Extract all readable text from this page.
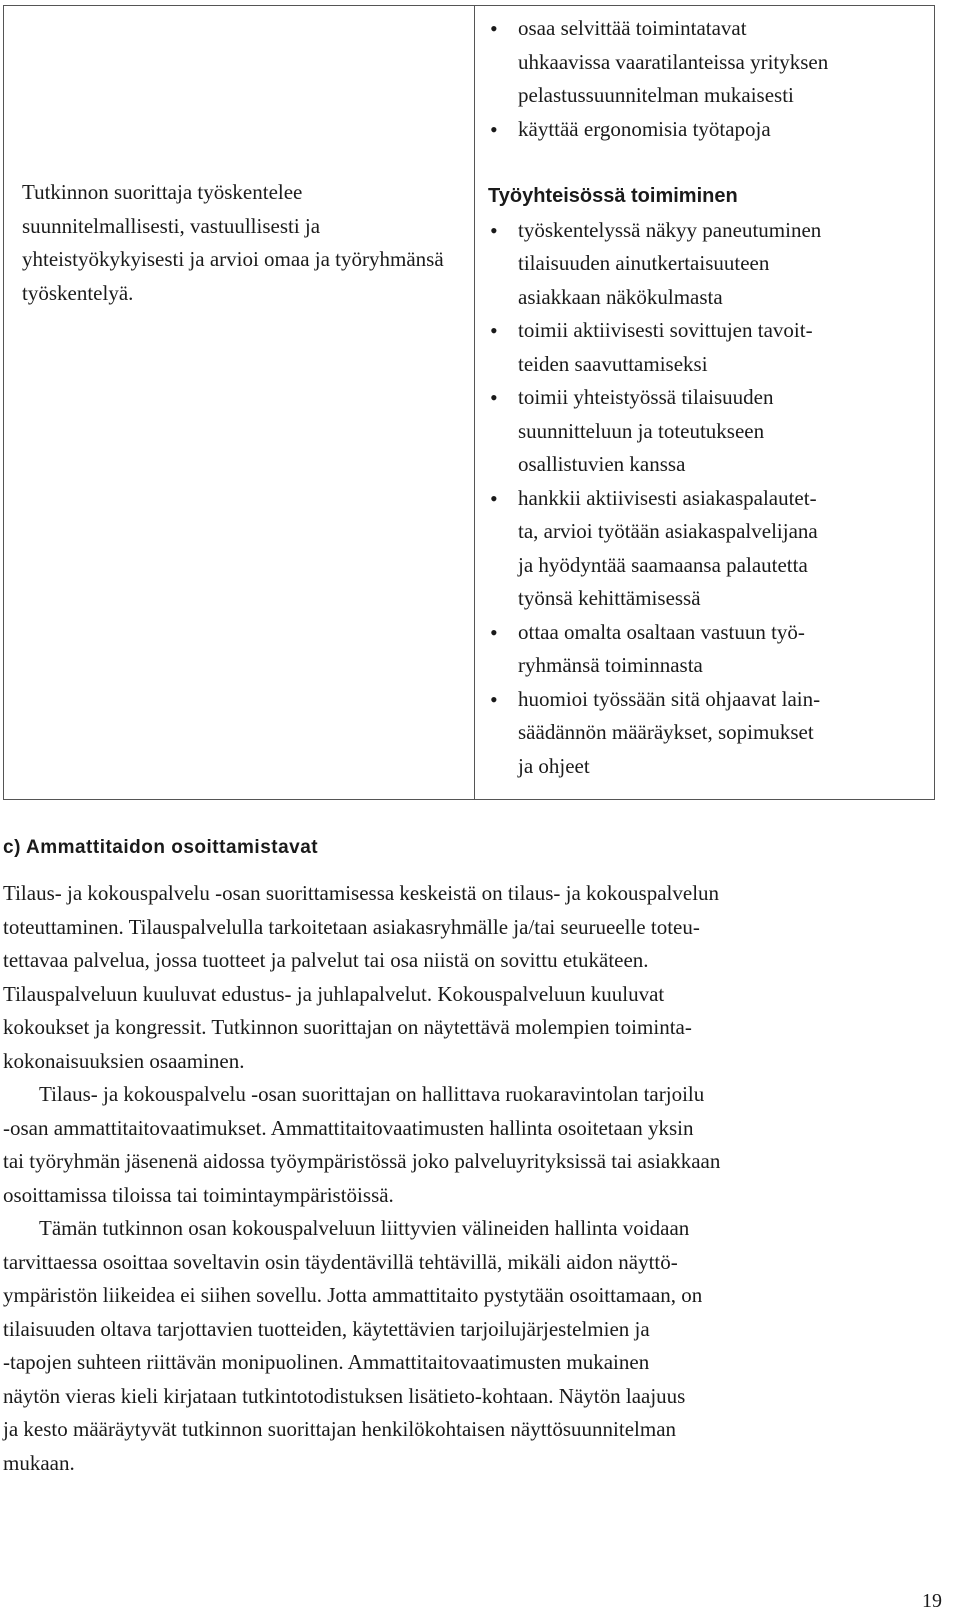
Tutkinnon suorittaja työskentelee suunnitelmallisesti, vastuullisesti ja yhteistyökykyisesti ja arvioi omaa ja työryhmänsä työskentelyä.
• osaa selvittää toimintatavat
uhkaavissa vaaratilanteissa yrityksen
pelastussuunnitelman mukaisesti
• käyttää ergonomisia työtapoja
Työyhteisössä toimiminen
• työskentelyssä näkyy paneutuminen
tilaisuuden ainutkertaisuuteen
asiakkaan näkökulmasta
• toimii aktiivisesti sovittujen tavoit-
teiden saavuttamiseksi
• toimii yhteistyössä tilaisuuden
suunnitteluun ja toteutukseen
osallistuvien kanssa
• hankkii aktiivisesti asiakaspalautet-
ta, arvioi työtään asiakaspalvelijana
ja hyödyntää saamaansa palautetta
työnsä kehittämisessä
• ottaa omalta osaltaan vastuun työ-
ryhmänsä toiminnasta
• huomioi työssään sitä ohjaavat lain-
säädännön määräykset, sopimukset
ja ohjeet
c) Ammattitaidon osoittamistavat

Tilaus- ja kokouspalvelu -osan suorittamisessa keskeistä on tilaus- ja kokouspalvelun
toteuttaminen. Tilauspalvelulla tarkoitetaan asiakasryhmälle ja/tai seurueelle toteu-
tettavaa palvelua, jossa tuotteet ja palvelut tai osa niistä on sovittu etukäteen.
Tilauspalveluun kuuluvat edustus- ja juhlapalvelut. Kokouspalveluun kuuluvat
kokoukset ja kongressit. Tutkinnon suorittajan on näytettävä molempien toiminta-
kokonaisuuksien osaaminen.

Tilaus- ja kokouspalvelu -osan suorittajan on hallittava ruokaravintolan tarjoilu
-osan ammattitaitovaatimukset. Ammattitaitovaatimusten hallinta osoitetaan yksin
tai työryhmän jäsenenä aidossa työympäristössä joko palveluyrityksissä tai asiakkaan
osoittamissa tiloissa tai toimintaympäristöissä.

Tämän tutkinnon osan kokouspalveluun liittyvien välineiden hallinta voidaan
tarvittaessa osoittaa soveltavin osin täydentävillä tehtävillä, mikäli aidon näyttö-
ympäristön liikeidea ei siihen sovellu. Jotta ammattitaito pystytään osoittamaan, on
tilaisuuden oltava tarjottavien tuotteiden, käytettävien tarjoilujärjestelmien ja
-tapojen suhteen riittävän monipuolinen. Ammattitaitovaatimusten mukainen
näytön vieras kieli kirjataan tutkintotodistuksen lisätieto-kohtaan. Näytön laajuus
ja kesto määräytyvät tutkinnon suorittajan henkilökohtaisen näyttösuunnitelman
mukaan.

19
